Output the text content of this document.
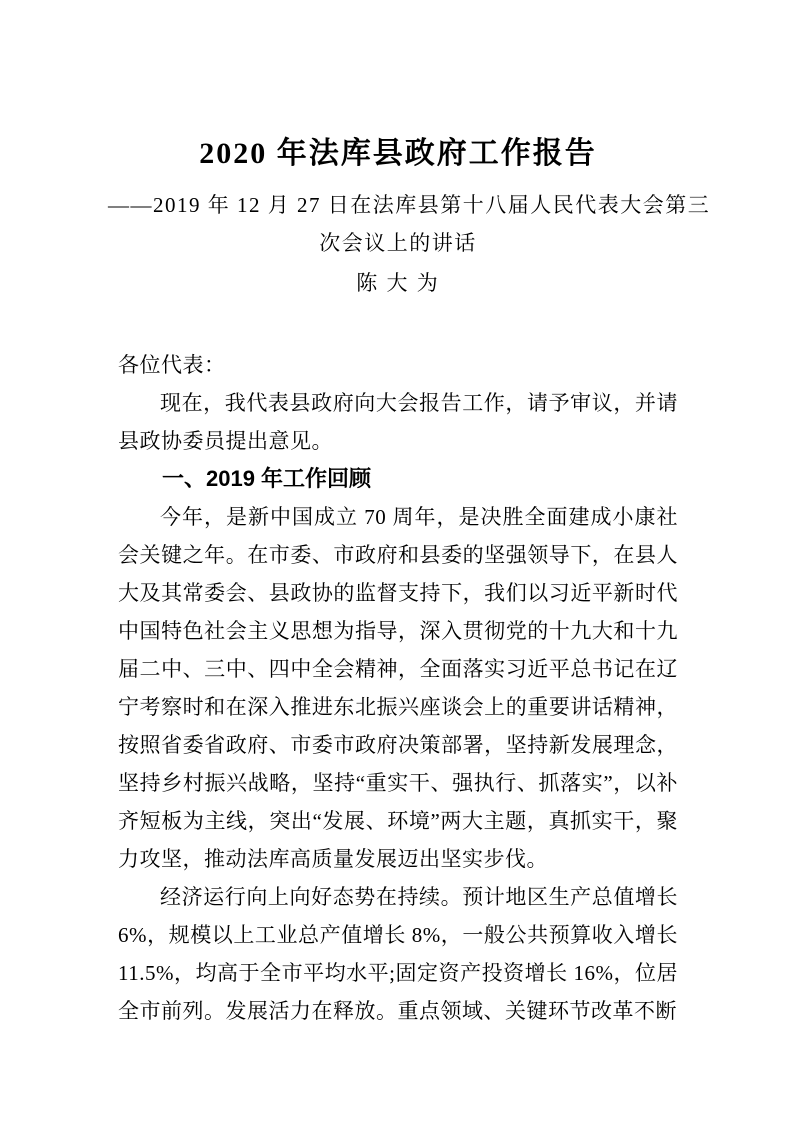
2020 年法库县政府工作报告
——2019 年 12 月 27 日在法库县第十八届人民代表大会第三
次会议上的讲话
陈 大 为

各位代表：

现在，我代表县政府向大会报告工作，请予审议，并请县政协委员提出意见。

一、2019 年工作回顾

今年，是新中国成立 70 周年，是决胜全面建成小康社会关键之年。在市委、市政府和县委的坚强领导下，在县人大及其常委会、县政协的监督支持下，我们以习近平新时代中国特色社会主义思想为指导，深入贯彻党的十九大和十九届二中、三中、四中全会精神，全面落实习近平总书记在辽宁考察时和在深入推进东北振兴座谈会上的重要讲话精神，按照省委省政府、市委市政府决策部署，坚持新发展理念，坚持乡村振兴战略，坚持“重实干、强执行、抓落实”，以补齐短板为主线，突出“发展、环境”两大主题，真抓实干，聚力攻坚，推动法库高质量发展迈出坚实步伐。

经济运行向上向好态势在持续。预计地区生产总值增长 6%，规模以上工业总产值增长 8%，一般公共预算收入增长 11.5%，均高于全市平均水平;固定资产投资增长 16%，位居全市前列。发展活力在释放。重点领域、关键环节改革不断
